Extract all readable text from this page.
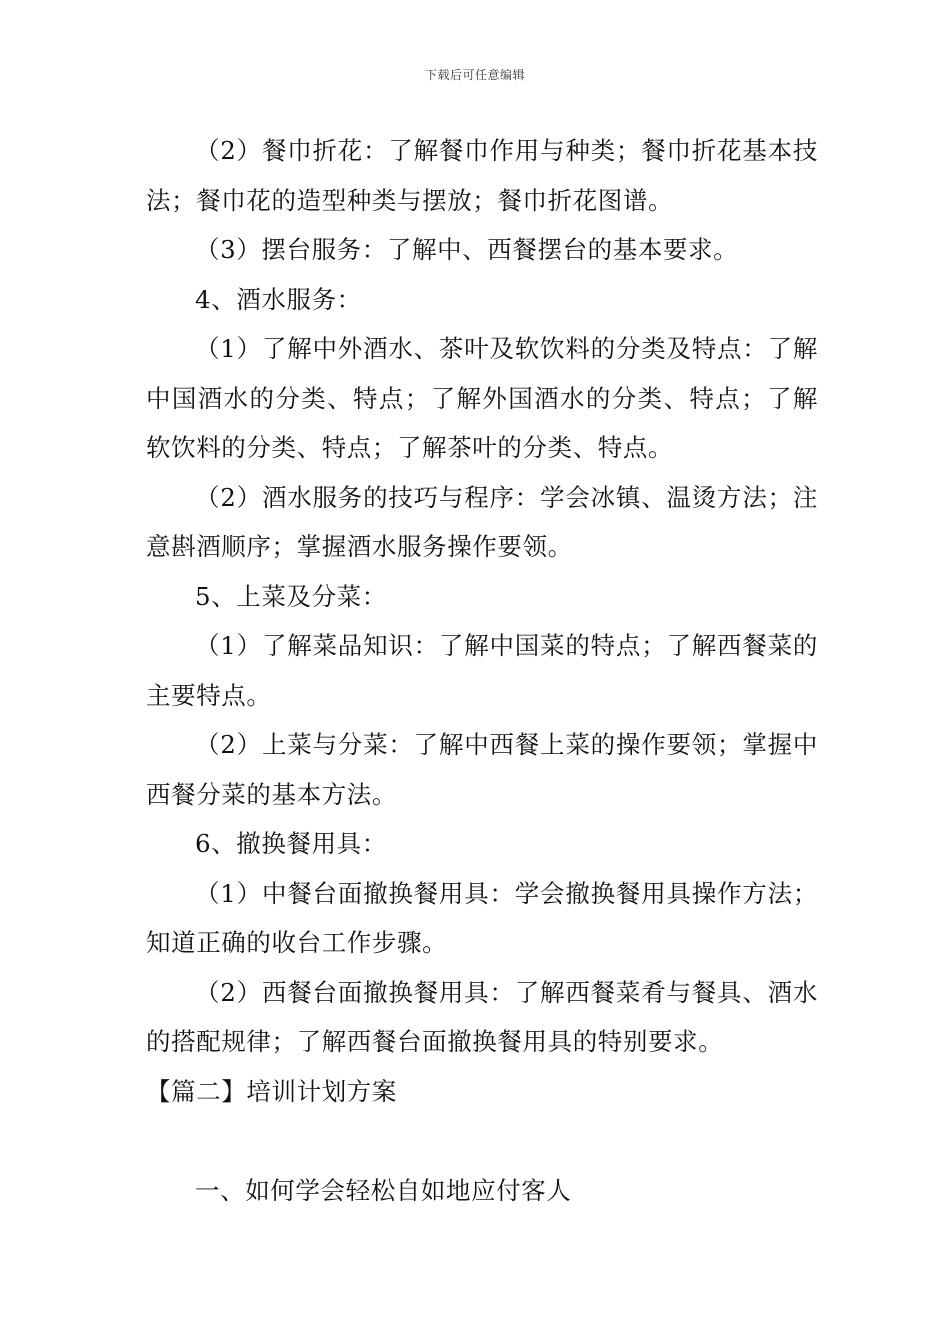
下载后可任意编辑

（2）餐巾折花：了解餐巾作用与种类；餐巾折花基本技法；餐巾花的造型种类与摆放；餐巾折花图谱。

（3）摆台服务：了解中、西餐摆台的基本要求。

4、酒水服务：

（1）了解中外酒水、茶叶及软饮料的分类及特点：了解中国酒水的分类、特点；了解外国酒水的分类、特点；了解软饮料的分类、特点；了解茶叶的分类、特点。

（2）酒水服务的技巧与程序：学会冰镇、温烫方法；注意斟酒顺序；掌握酒水服务操作要领。

5、上菜及分菜：

（1）了解菜品知识：了解中国菜的特点；了解西餐菜的主要特点。

（2）上菜与分菜：了解中西餐上菜的操作要领；掌握中西餐分菜的基本方法。

6、撤换餐用具：

（1）中餐台面撤换餐用具：学会撤换餐用具操作方法；知道正确的收台工作步骤。

（2）西餐台面撤换餐用具：了解西餐菜肴与餐具、酒水的搭配规律；了解西餐台面撤换餐用具的特别要求。

【篇二】培训计划方案

一、如何学会轻松自如地应付客人
